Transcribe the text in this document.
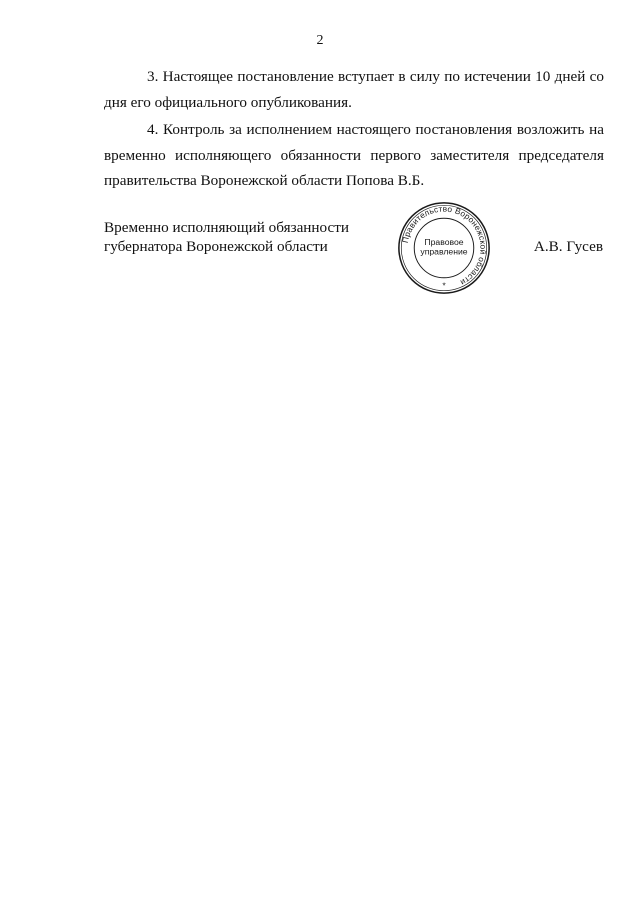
2

3. Настоящее постановление вступает в силу по истечении 10 дней со
дня его официального опубликования.

4. Контроль за исполнением настоящего постановления возложить на
временно исполняющего обязанности первого заместителя председателя
правительства Воронежской области Попова В.Б.

Временно исполняющий обязанности
губернатора Воронежской области	Правительство Воронежской области
Правовое
управление
*
А.В. Гусев
